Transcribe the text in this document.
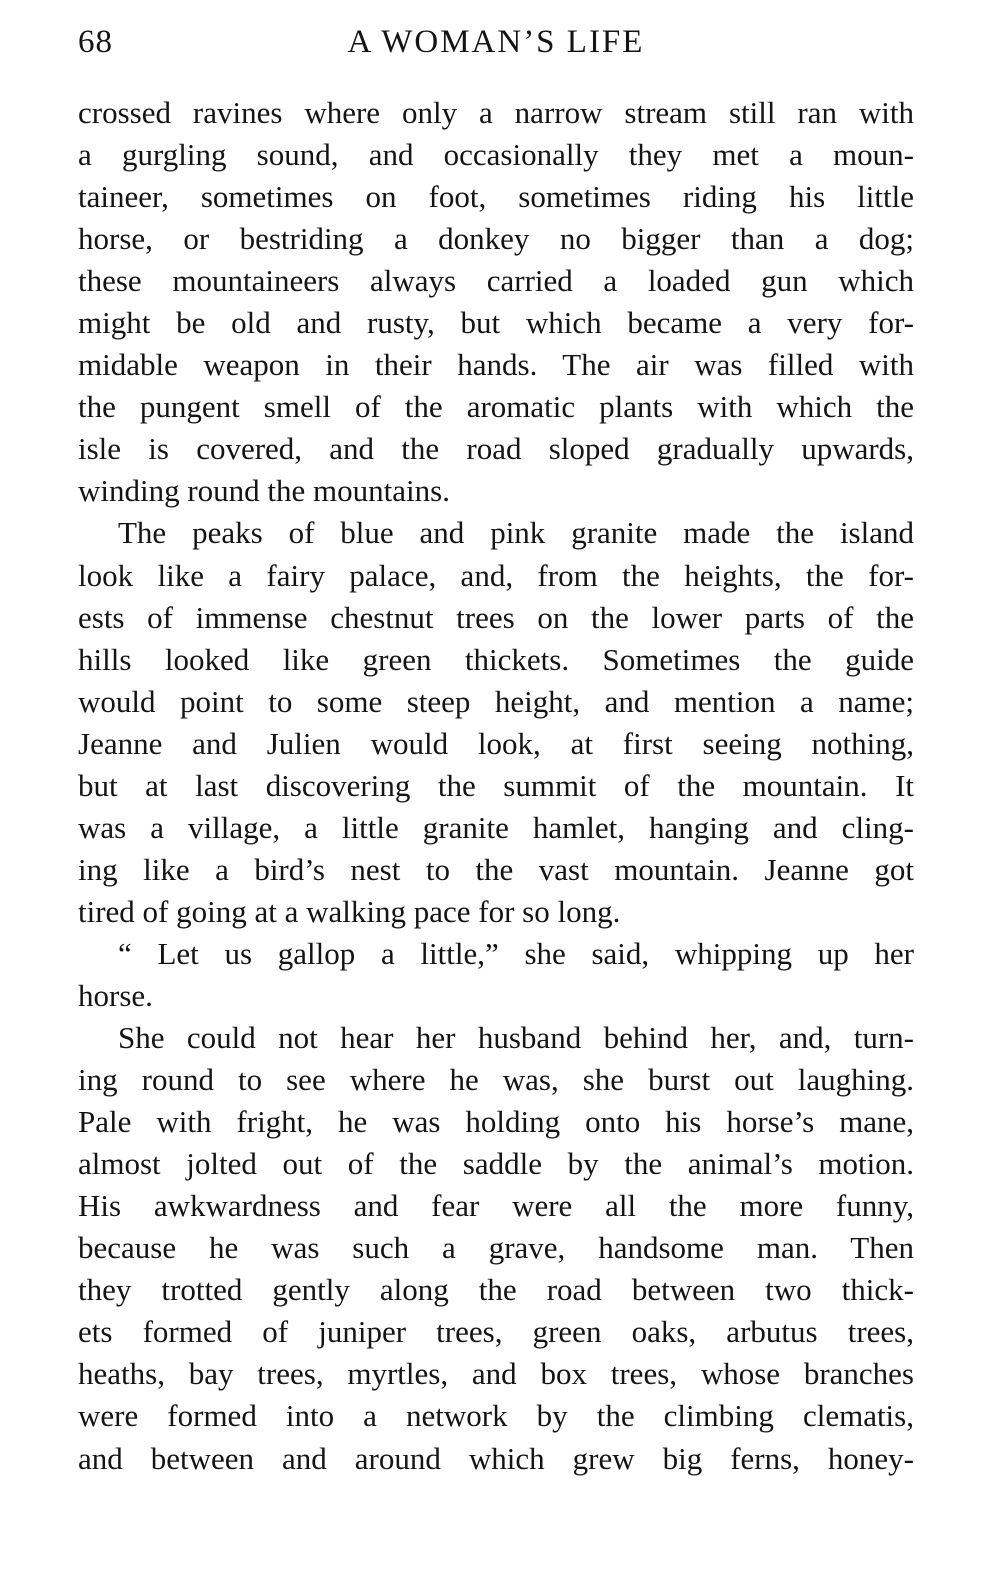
68	A WOMAN’S LIFE
crossed ravines where only a narrow stream still ran with
a gurgling sound, and occasionally they met a moun-
taineer, sometimes on foot, sometimes riding his little
horse, or bestriding a donkey no bigger than a dog;
these mountaineers always carried a loaded gun which
might be old and rusty, but which became a very for-
midable weapon in their hands. The air was filled with
the pungent smell of the aromatic plants with which the
isle is covered, and the road sloped gradually upwards,
winding round the mountains.
The peaks of blue and pink granite made the island
look like a fairy palace, and, from the heights, the for-
ests of immense chestnut trees on the lower parts of the
hills looked like green thickets. Sometimes the guide
would point to some steep height, and mention a name;
Jeanne and Julien would look, at first seeing nothing,
but at last discovering the summit of the mountain. It
was a village, a little granite hamlet, hanging and cling-
ing like a bird’s nest to the vast mountain. Jeanne got
tired of going at a walking pace for so long.
“ Let us gallop a little,” she said, whipping up her
horse.
She could not hear her husband behind her, and, turn-
ing round to see where he was, she burst out laughing.
Pale with fright, he was holding onto his horse’s mane,
almost jolted out of the saddle by the animal’s motion.
His awkwardness and fear were all the more funny,
because he was such a grave, handsome man. Then
they trotted gently along the road between two thick-
ets formed of juniper trees, green oaks, arbutus trees,
heaths, bay trees, myrtles, and box trees, whose branches
were formed into a network by the climbing clematis,
and between and around which grew big ferns, honey-
